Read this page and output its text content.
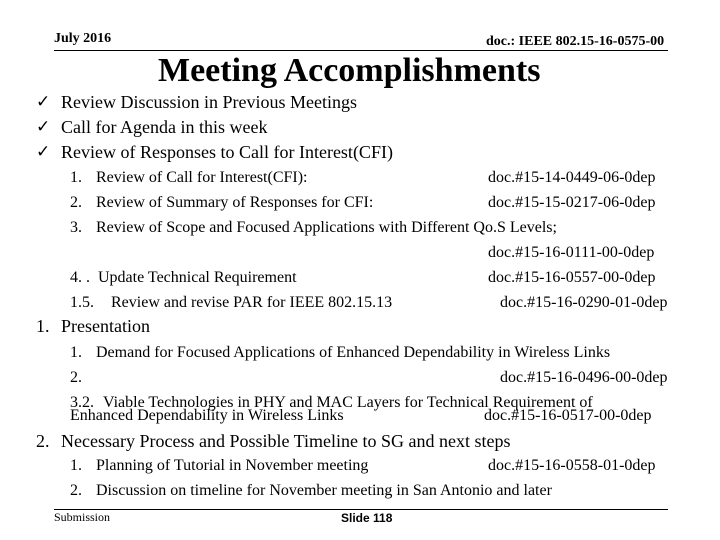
July 2016	doc.: IEEE 802.15-16-0575-00
Meeting Accomplishments
✓ Review Discussion in Previous Meetings
✓ Call for Agenda in this week
✓ Review of Responses to Call for Interest(CFI)
1. Review of Call for Interest(CFI):	doc.#15-14-0449-06-0dep
2. Review of Summary of Responses for CFI:	doc.#15-15-0217-06-0dep
3. Review of Scope and Focused Applications with Different Qo.S Levels;
doc.#15-16-0111-00-0dep
4. . Update Technical Requirement	doc.#15-16-0557-00-0dep
1.5. Review and revise PAR for IEEE 802.15.13	doc.#15-16-0290-01-0dep
1. Presentation
1. Demand for Focused Applications of Enhanced Dependability in Wireless Links
2.	doc.#15-16-0496-00-0dep
3.2. Viable Technologies in PHY and MAC Layers for Technical Requirement of
Enhanced Dependability in Wireless Links	doc.#15-16-0517-00-0dep
2. Necessary Process and Possible Timeline to SG and next steps
1. Planning of Tutorial in November meeting	doc.#15-16-0558-01-0dep
2. Discussion on timeline for November meeting in San Antonio and later
Submission	Slide 118
